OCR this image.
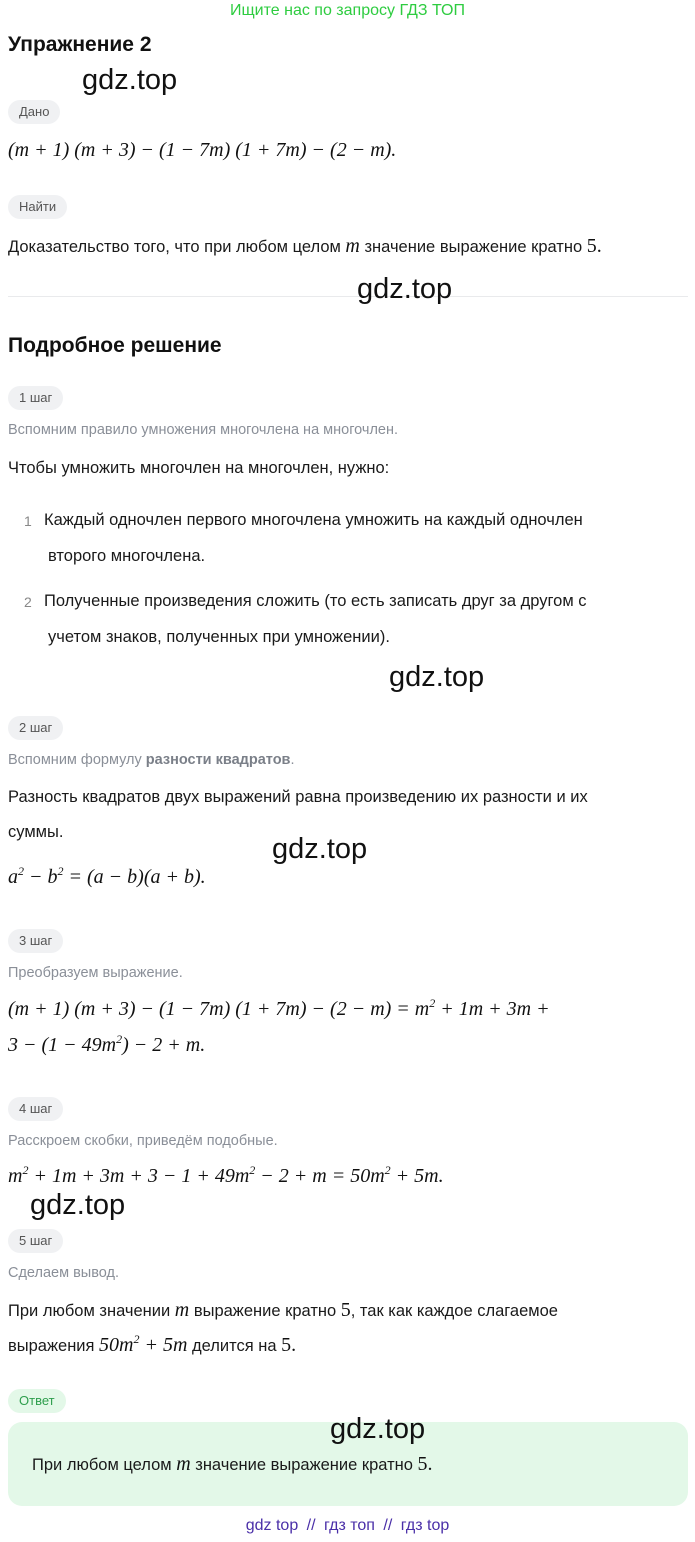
Ищите нас по запросу ГДЗ ТОП
Упражнение 2
gdz.top
Дано
(m + 1) (m + 3) − (1 − 7m) (1 + 7m) − (2 − m).
Найти
Доказательство того, что при любом целом m значение выражение кратно 5.
gdz.top
Подробное решение
1 шаг
Вспомним правило умножения многочлена на многочлен.
Чтобы умножить многочлен на многочлен, нужно:
1 Каждый одночлен первого многочлена умножить на каждый одночлен
второго многочлена.
2 Полученные произведения сложить (то есть записать друг за другом с
учетом знаков, полученных при умножении).
gdz.top
2 шаг
Вспомним формулу разности квадратов.
Разность квадратов двух выражений равна произведению их разности и их
суммы.
gdz.top
$a^2 - b^2 = (a - b)(a + b)$.
3 шаг
Преобразуем выражение.
(m + 1) (m + 3) − (1 − 7m) $(1 + 7m) - (2 - m) = m^2 + 1m + 3m$ +
$3 - (1 - 49m^2) - 2 + m$.
4 шаг
Расскроем скобки, приведём подобные.
$m^2 + 1m + 3m + 3 - 1 + 49m^2 - 2 + m = 50m^2 + 5m$.
gdz.top
5 шаг
Сделаем вывод.
При любом значении m выражение кратно 5, так как каждое слагаемое
выражения $50m^2 + 5m$ делится на 5.
Ответ
gdz.top
При любом целом m значение выражение кратно 5.
gdz top // гдз топ // гдз top
